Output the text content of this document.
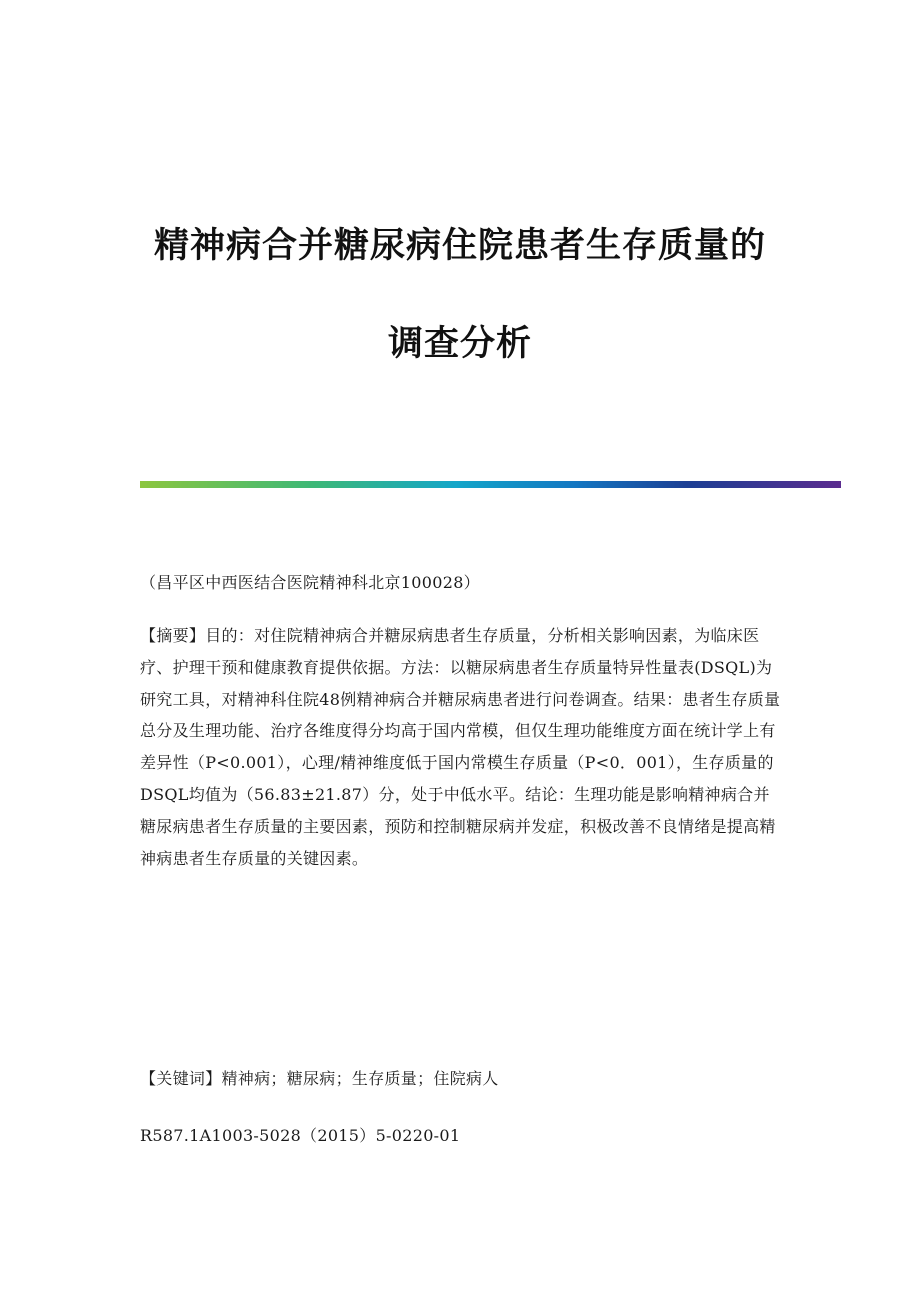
精神病合并糖尿病住院患者生存质量的
调查分析
（昌平区中西医结合医院精神科北京100028）
【摘要】目的：对住院精神病合并糖尿病患者生存质量，分析相关影响因素，为临床医疗、护理干预和健康教育提供依据。方法：以糖尿病患者生存质量特异性量表(DSQL)为研究工具，对精神科住院48例精神病合并糖尿病患者进行问卷调查。结果：患者生存质量总分及生理功能、治疗各维度得分均高于国内常模，但仅生理功能维度方面在统计学上有差异性（P<0.001），心理/精神维度低于国内常模生存质量（P<0．001），生存质量的DSQL均值为（56.83±21.87）分，处于中低水平。结论：生理功能是影响精神病合并糖尿病患者生存质量的主要因素，预防和控制糖尿病并发症，积极改善不良情绪是提高精神病患者生存质量的关键因素。
【关键词】精神病；糖尿病；生存质量；住院病人
R587.1A1003-5028（2015）5-0220-01
